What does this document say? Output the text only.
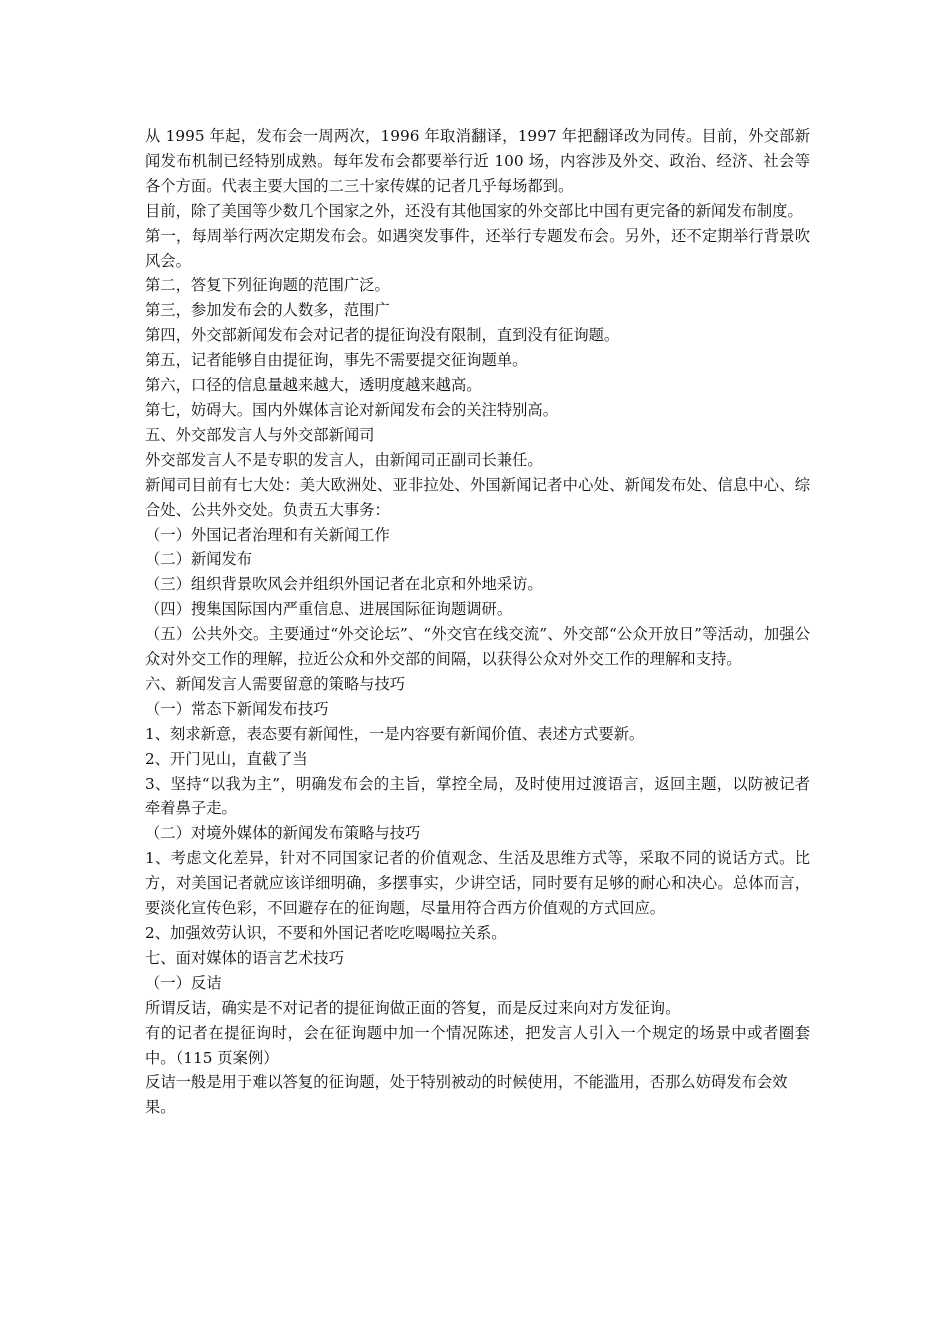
从 1995 年起，发布会一周两次，1996 年取消翻译，1997 年把翻译改为同传。目前，外交部新闻发布机制已经特别成熟。每年发布会都要举行近 100 场，内容涉及外交、政治、经济、社会等各个方面。代表主要大国的二三十家传媒的记者几乎每场都到。

目前，除了美国等少数几个国家之外，还没有其他国家的外交部比中国有更完备的新闻发布制度。

第一，每周举行两次定期发布会。如遇突发事件，还举行专题发布会。另外，还不定期举行背景吹风会。

第二，答复下列征询题的范围广泛。

第三，参加发布会的人数多，范围广

第四，外交部新闻发布会对记者的提征询没有限制，直到没有征询题。

第五，记者能够自由提征询，事先不需要提交征询题单。

第六，口径的信息量越来越大，透明度越来越高。

第七，妨碍大。国内外媒体言论对新闻发布会的关注特别高。

五、外交部发言人与外交部新闻司

外交部发言人不是专职的发言人，由新闻司正副司长兼任。

新闻司目前有七大处：美大欧洲处、亚非拉处、外国新闻记者中心处、新闻发布处、信息中心、综合处、公共外交处。负责五大事务：

（一）外国记者治理和有关新闻工作

（二）新闻发布

（三）组织背景吹风会并组织外国记者在北京和外地采访。

（四）搜集国际国内严重信息、进展国际征询题调研。

（五）公共外交。主要通过“外交论坛”、“外交官在线交流”、外交部“公众开放日”等活动，加强公众对外交工作的理解，拉近公众和外交部的间隔，以获得公众对外交工作的理解和支持。

六、新闻发言人需要留意的策略与技巧

（一）常态下新闻发布技巧

1、刻求新意，表态要有新闻性，一是内容要有新闻价值、表述方式要新。

2、开门见山，直截了当

3、坚持“以我为主”，明确发布会的主旨，掌控全局，及时使用过渡语言，返回主题，以防被记者牵着鼻子走。

（二）对境外媒体的新闻发布策略与技巧

1、考虑文化差异，针对不同国家记者的价值观念、生活及思维方式等，采取不同的说话方式。比方，对美国记者就应该详细明确，多摆事实，少讲空话，同时要有足够的耐心和决心。总体而言，要淡化宣传色彩，不回避存在的征询题，尽量用符合西方价值观的方式回应。

2、加强效劳认识，不要和外国记者吃吃喝喝拉关系。

七、面对媒体的语言艺术技巧

（一）反诘

所谓反诘，确实是不对记者的提征询做正面的答复，而是反过来向对方发征询。

有的记者在提征询时，会在征询题中加一个情况陈述，把发言人引入一个规定的场景中或者圈套中。（115 页案例）

反诘一般是用于难以答复的征询题，处于特别被动的时候使用，不能滥用，否那么妨碍发布会效

果。
